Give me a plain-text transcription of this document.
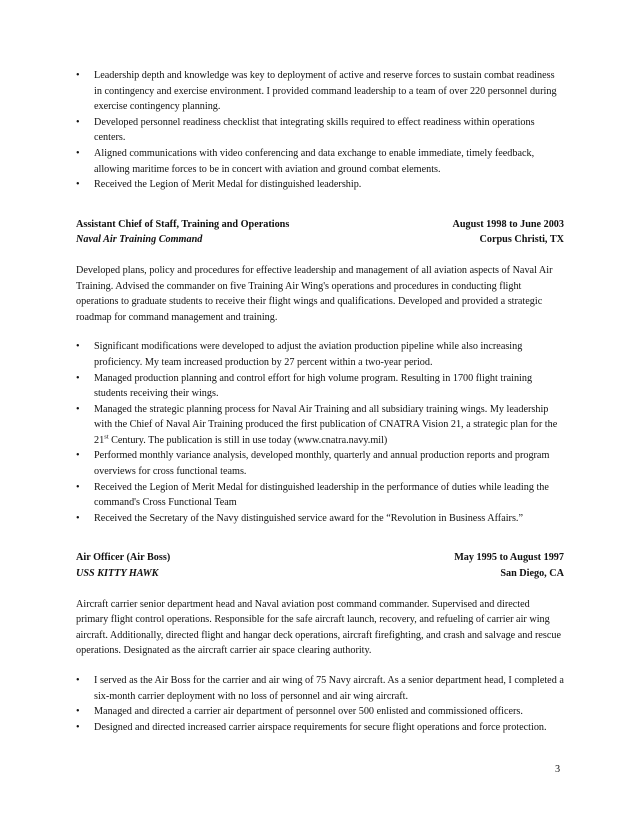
• Leadership depth and knowledge was key to deployment of active and reserve forces to sustain combat readiness in contingency and exercise environment. I provided command leadership to a team of over 220 personnel during exercise contingency planning.
• Developed personnel readiness checklist that integrating skills required to effect readiness within operations centers.
• Aligned communications with video conferencing and data exchange to enable immediate, timely feedback, allowing maritime forces to be in concert with aviation and ground combat elements.
• Received the Legion of Merit Medal for distinguished leadership.
Assistant Chief of Staff, Training and Operations	August 1998 to June 2003
Naval Air Training Command	Corpus Christi, TX

Developed plans, policy and procedures for effective leadership and management of all aviation aspects of Naval Air Training. Advised the commander on five Training Air Wing's operations and procedures in conducting flight operations to graduate students to receive their flight wings and qualifications. Developed and provided a strategic roadmap for command management and training.

• Significant modifications were developed to adjust the aviation production pipeline while also increasing proficiency. My team increased production by 27 percent within a two-year period.
• Managed production planning and control effort for high volume program. Resulting in 1700 flight training students receiving their wings.
• Managed the strategic planning process for Naval Air Training and all subsidiary training wings. My leadership with the Chief of Naval Air Training produced the first publication of CNATRA Vision 21, a strategic plan for the 21st Century. The publication is still in use today (www.cnatra.navy.mil)
• Performed monthly variance analysis, developed monthly, quarterly and annual production reports and program overviews for cross functional teams.
• Received the Legion of Merit Medal for distinguished leadership in the performance of duties while leading the command's Cross Functional Team
• Received the Secretary of the Navy distinguished service award for the “Revolution in Business Affairs.”
Air Officer (Air Boss)	May 1995 to August 1997
USS KITTY HAWK	San Diego, CA

Aircraft carrier senior department head and Naval aviation post command commander. Supervised and directed primary flight control operations. Responsible for the safe aircraft launch, recovery, and refueling of carrier air wing aircraft. Additionally, directed flight and hangar deck operations, aircraft firefighting, and crash and salvage and rescue operations. Designated as the aircraft carrier air space clearing authority.

• I served as the Air Boss for the carrier and air wing of 75 Navy aircraft. As a senior department head, I completed a six-month carrier deployment with no loss of personnel and air wing aircraft.
• Managed and directed a carrier air department of personnel over 500 enlisted and commissioned officers.
• Designed and directed increased carrier airspace requirements for secure flight operations and force protection.
3
